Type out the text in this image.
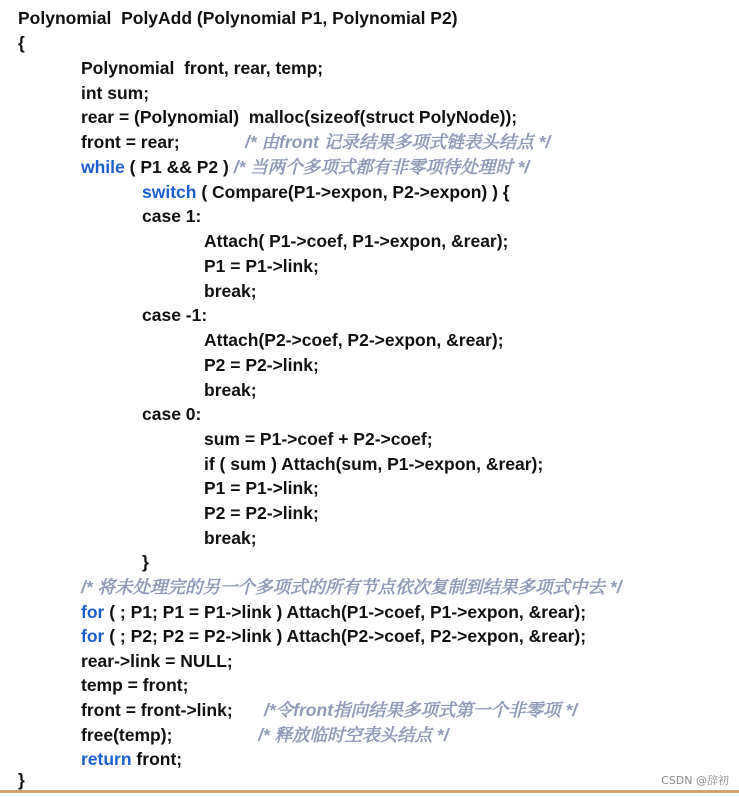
Polynomial  PolyAdd (Polynomial P1, Polynomial P2)
{
Polynomial  front, rear, temp;
int sum;
rear = (Polynomial)  malloc(sizeof(struct PolyNode));
front = rear;	/* 由front 记录结果多项式链表头结点 */
while ( P1 && P2 ) /* 当两个多项式都有非零项待处理时 */
switch ( Compare(P1->expon, P2->expon) ) {
case 1:
Attach( P1->coef, P1->expon, &rear);
P1 = P1->link;
break;
case -1:
Attach(P2->coef, P2->expon, &rear);
P2 = P2->link;
break;
case 0:
sum = P1->coef + P2->coef;
if ( sum ) Attach(sum, P1->expon, &rear);
P1 = P1->link;
P2 = P2->link;
break;
}
/* 将未处理完的另一个多项式的所有节点依次复制到结果多项式中去 */
for ( ; P1; P1 = P1->link ) Attach(P1->coef, P1->expon, &rear);
for ( ; P2; P2 = P2->link ) Attach(P2->coef, P2->expon, &rear);
rear->link = NULL;
temp = front;
front = front->link; /*令front指向结果多项式第一个非零项 */
free(temp);	/* 释放临时空表头结点 */
return front;
}	CSDN @辞初
